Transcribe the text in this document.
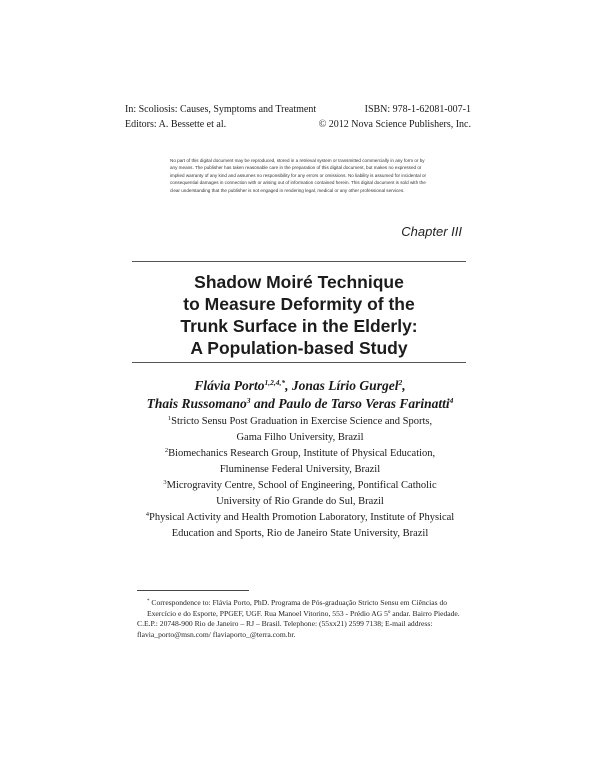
In: Scoliosis: Causes, Symptoms and Treatment	ISBN: 978-1-62081-007-1
Editors: A. Bessette et al.	© 2012 Nova Science Publishers, Inc.
No part of this digital document may be reproduced, stored in a retrieval system or transmitted commercially in any form or by any means. The publisher has taken reasonable care in the preparation of this digital document, but makes no expressed or implied warranty of any kind and assumes no responsibility for any errors or omissions. No liability is assumed for incidental or consequential damages in connection with or arising out of information contained herein. This digital document is sold with the clear understanding that the publisher is not engaged in rendering legal, medical or any other professional services.
Chapter III
Shadow Moiré Technique
to Measure Deformity of the
Trunk Surface in the Elderly:
A Population-based Study
Flávia Porto$^{1,2,4,*}$, Jonas Lírio Gurgel$^2$,
Thais Russomano$^3$ and Paulo de Tarso Veras Farinatti$^4$
$^1$Stricto Sensu Post Graduation in Exercise Science and Sports,
Gama Filho University, Brazil
$^2$Biomechanics Research Group, Institute of Physical Education,
Fluminense Federal University, Brazil
$^3$Microgravity Centre, School of Engineering, Pontifical Catholic
University of Rio Grande do Sul, Brazil
$^4$Physical Activity and Health Promotion Laboratory, Institute of Physical
Education and Sports, Rio de Janeiro State University, Brazil
* Correspondence to: Flávia Porto, PhD. Programa de Pós-graduação Stricto Sensu em Ciências do Exercício e do Esporte, PPGEF, UGF. Rua Manoel Vitorino, 553 - Prédio AG 5º andar. Bairro Piedade.
C.E.P.: 20748-900 Rio de Janeiro – RJ – Brasil. Telephone: (55xx21) 2599 7138; E-mail address: flavia_porto@msn.com/ flaviaporto_@terra.com.br.
